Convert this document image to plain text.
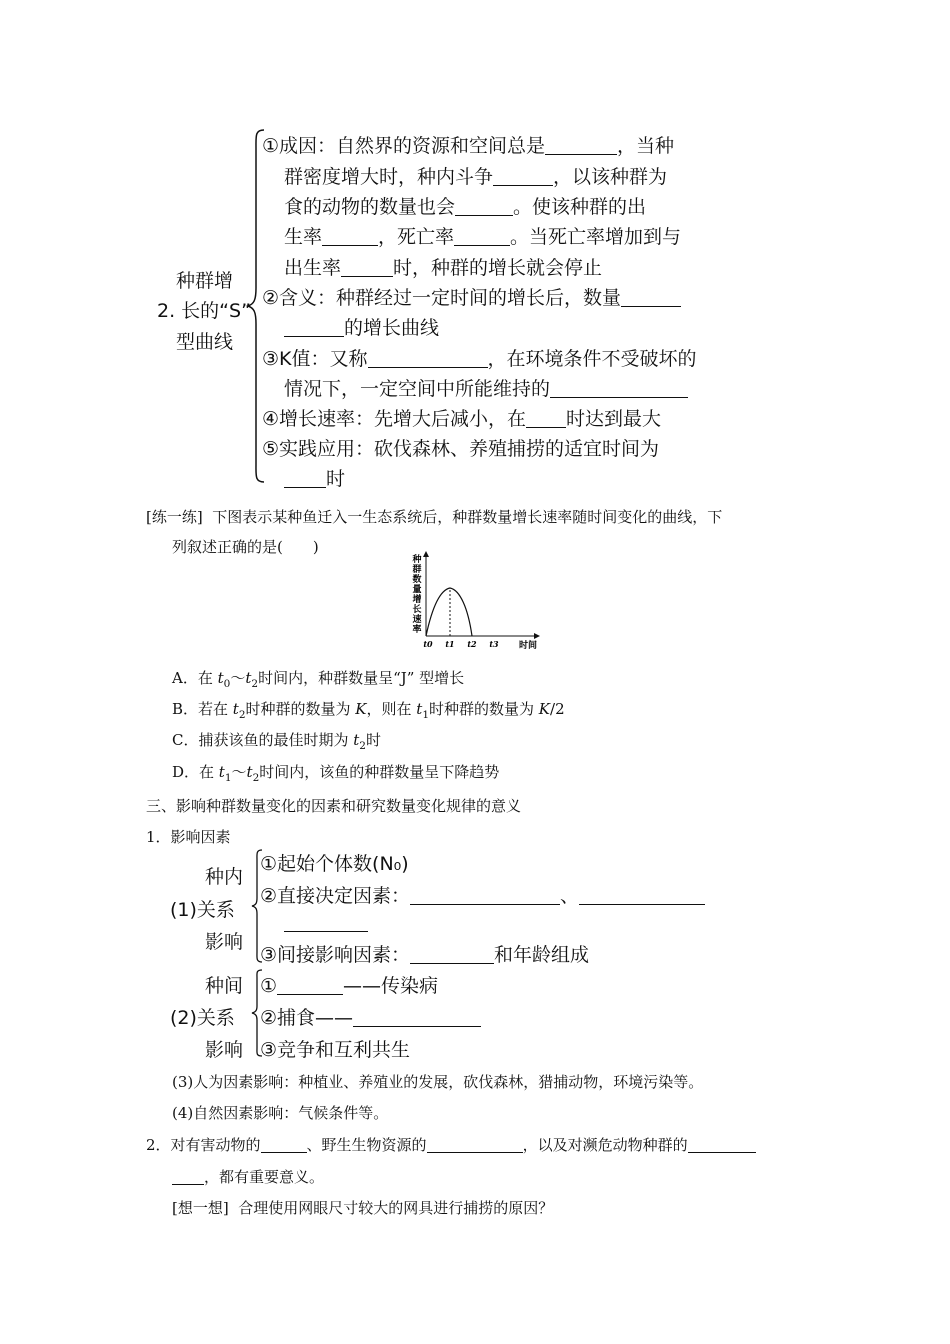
种群增
2. 长的“S”
型曲线
①成因：自然界的资源和空间总是	，当种
群密度增大时，种内斗争	，以该种群为
食的动物的数量也会	。使该种群的出
生率	，死亡率	。当死亡率增加到与
出生率	时，种群的增长就会停止
②含义：种群经过一定时间的增长后，数量
的增长曲线
③K值：又称	，在环境条件不受破坏的
情况下，一定空间中所能维持的
④增长速率：先增大后减小，在 时达到最大
⑤实践应用：砍伐森林、养殖捕捞的适宜时间为
时
[练一练] 下图表示某种鱼迁入一生态系统后，种群数量增长速率随时间变化的曲线，下
列叙述正确的是(　　)
种
群
数
量
增
长
速
率
t0 t1 t2 t3 时间
A．在 $t_0\sim t_2$时间内，种群数量呈“J” 型增长
B．若在 $t_2$时种群的数量为 K，则在 $t_1$时种群的数量为 K/2
C．捕获该鱼的最佳时期为 $t_2$时
D．在 $t_1\sim t_2$时间内，该鱼的种群数量呈下降趋势
三、影响种群数量变化的因素和研究数量变化规律的意义
1．影响因素
种内
(1)关系
影响
①起始个体数(N₀)
②直接决定因素：	、
③间接影响因素：	和年龄组成
种间
(2)关系
影响
①	——传染病
②捕食——
③竞争和互利共生
(3)人为因素影响：种植业、养殖业的发展，砍伐森林，猎捕动物，环境污染等。
(4)自然因素影响：气候条件等。
2．对有害动物的	、野生生物资源的	，以及对濒危动物种群的
，都有重要意义。
[想一想] 合理使用网眼尺寸较大的网具进行捕捞的原因？
